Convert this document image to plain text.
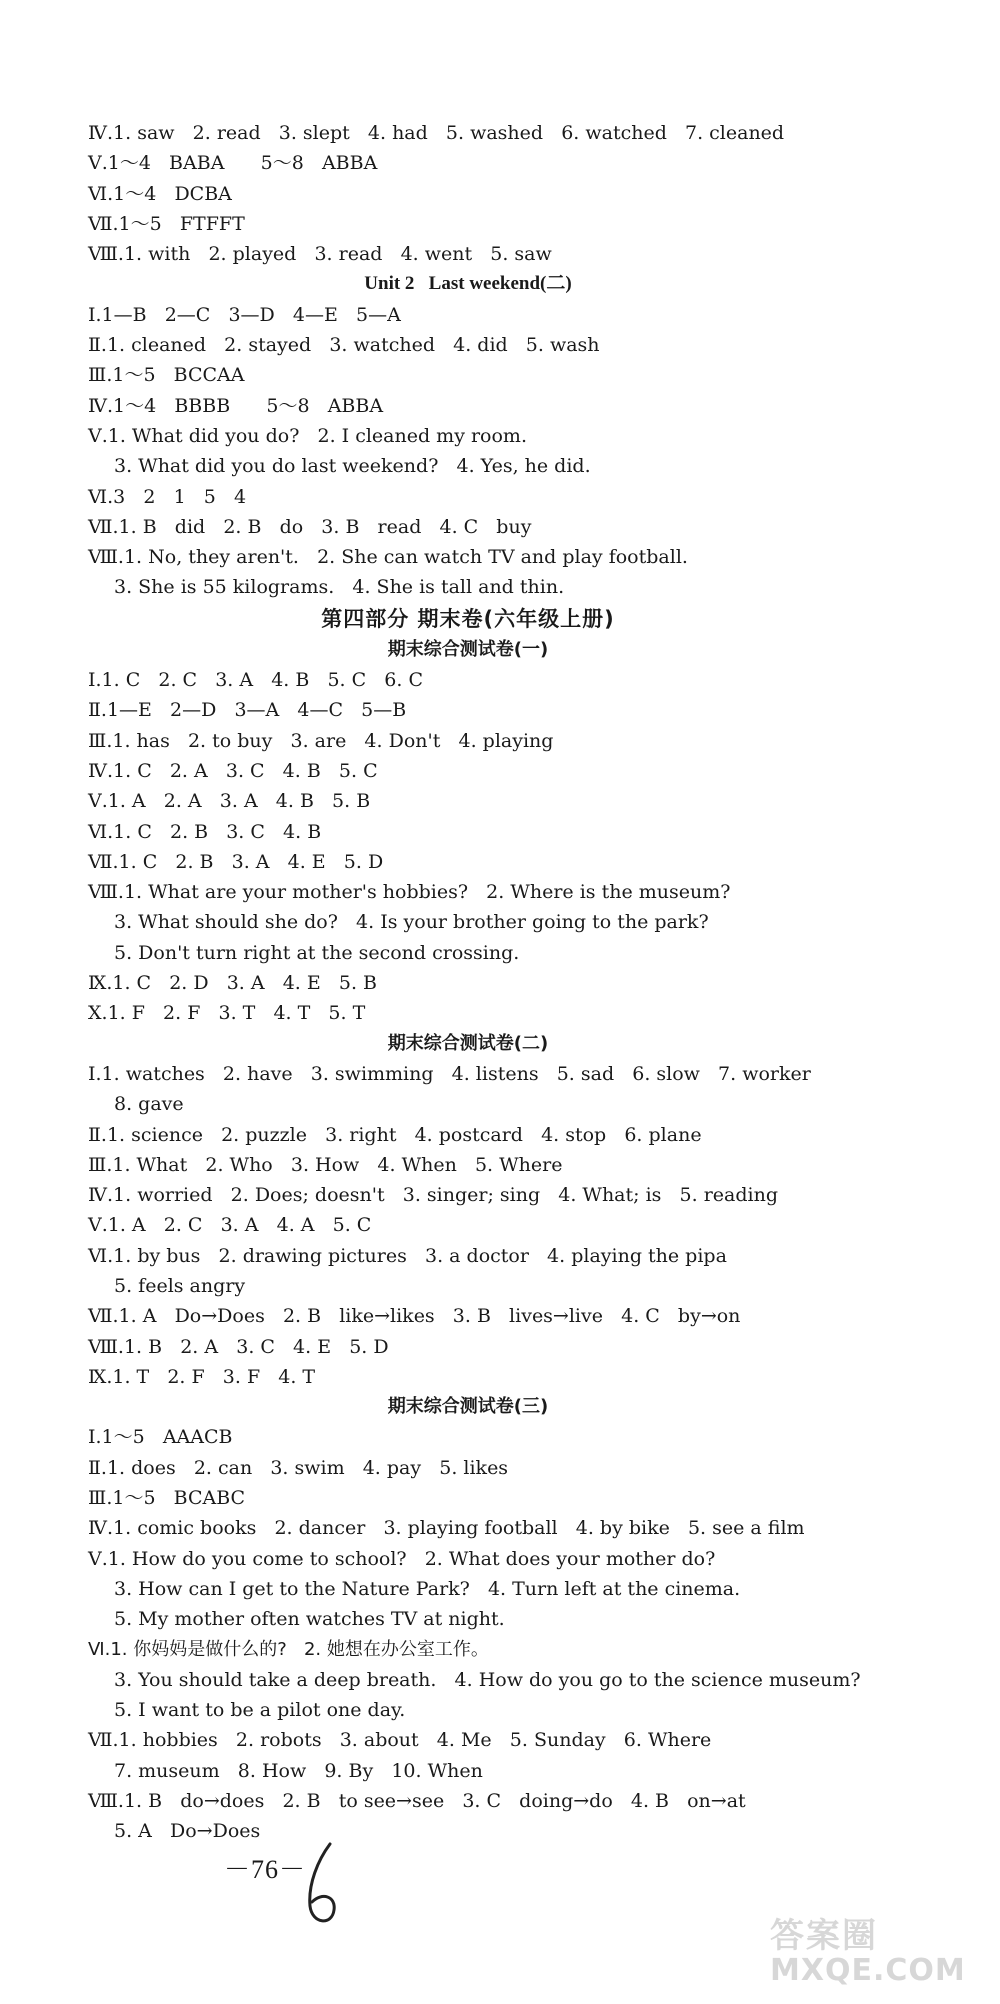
Ⅳ.1. saw   2. read   3. slept   4. had   5. washed   6. watched   7. cleaned
Ⅴ.1～4   BABA      5～8   ABBA
Ⅵ.1～4   DCBA
Ⅶ.1～5   FTFFT
Ⅷ.1. with   2. played   3. read   4. went   5. saw
Unit 2   Last weekend(二)
Ⅰ.1—B   2—C   3—D   4—E   5—A
Ⅱ.1. cleaned   2. stayed   3. watched   4. did   5. wash
Ⅲ.1～5   BCCAA
Ⅳ.1～4   BBBB      5～8   ABBA
Ⅴ.1. What did you do?   2. I cleaned my room.
3. What did you do last weekend?   4. Yes, he did.
Ⅵ.3   2   1   5   4
Ⅶ.1. B   did   2. B   do   3. B   read   4. C   buy
Ⅷ.1. No, they aren't.   2. She can watch TV and play football.
3. She is 55 kilograms.   4. She is tall and thin.
第四部分 期末卷(六年级上册)
期末综合测试卷(一)
Ⅰ.1. C   2. C   3. A   4. B   5. C   6. C
Ⅱ.1—E   2—D   3—A   4—C   5—B
Ⅲ.1. has   2. to buy   3. are   4. Don't   4. playing
Ⅳ.1. C   2. A   3. C   4. B   5. C
Ⅴ.1. A   2. A   3. A   4. B   5. B
Ⅵ.1. C   2. B   3. C   4. B
Ⅶ.1. C   2. B   3. A   4. E   5. D
Ⅷ.1. What are your mother's hobbies?   2. Where is the museum?
3. What should she do?   4. Is your brother going to the park?
5. Don't turn right at the second crossing.
Ⅸ.1. C   2. D   3. A   4. E   5. B
Ⅹ.1. F   2. F   3. T   4. T   5. T
期末综合测试卷(二)
Ⅰ.1. watches   2. have   3. swimming   4. listens   5. sad   6. slow   7. worker
8. gave
Ⅱ.1. science   2. puzzle   3. right   4. postcard   4. stop   6. plane
Ⅲ.1. What   2. Who   3. How   4. When   5. Where
Ⅳ.1. worried   2. Does; doesn't   3. singer; sing   4. What; is   5. reading
Ⅴ.1. A   2. C   3. A   4. A   5. C
Ⅵ.1. by bus   2. drawing pictures   3. a doctor   4. playing the pipa
5. feels angry
Ⅶ.1. A   Do→Does   2. B   like→likes   3. B   lives→live   4. C   by→on
Ⅷ.1. B   2. A   3. C   4. E   5. D
Ⅸ.1. T   2. F   3. F   4. T
期末综合测试卷(三)
Ⅰ.1～5   AAACB
Ⅱ.1. does   2. can   3. swim   4. pay   5. likes
Ⅲ.1～5   BCABC
Ⅳ.1. comic books   2. dancer   3. playing football   4. by bike   5. see a film
Ⅴ.1. How do you come to school?   2. What does your mother do?
3. How can I get to the Nature Park?   4. Turn left at the cinema.
5. My mother often watches TV at night.
Ⅵ.1. 你妈妈是做什么的?   2. 她想在办公室工作。
3. You should take a deep breath.   4. How do you go to the science museum?
5. I want to be a pilot one day.
Ⅶ.1. hobbies   2. robots   3. about   4. Me   5. Sunday   6. Where
7. museum   8. How   9. By   10. When
Ⅷ.1. B   do→does   2. B   to see→see   3. C   doing→do   4. B   on→at
5. A   Do→Does
－76－
答案圈
MXQE.COM
